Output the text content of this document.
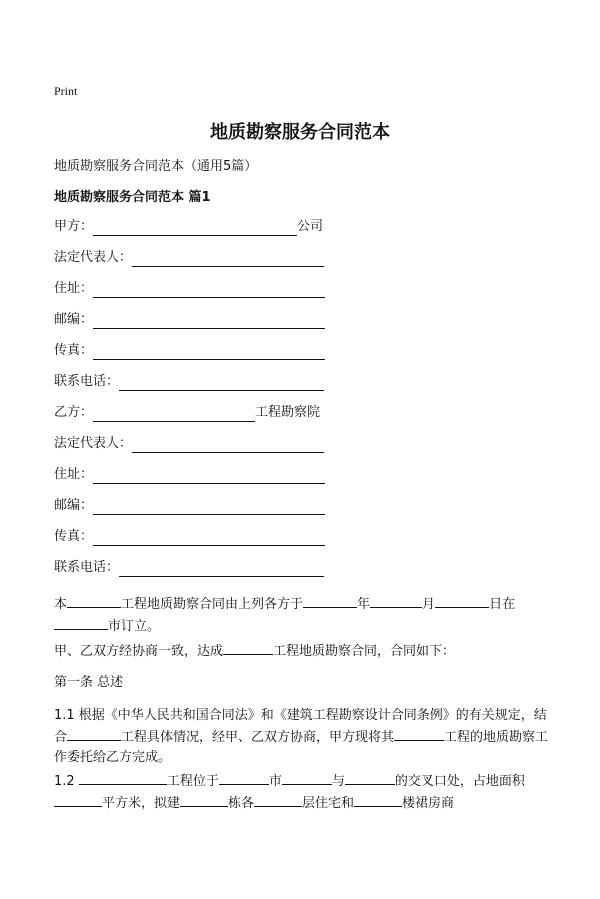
Print
地质勘察服务合同范本
地质勘察服务合同范本（通用5篇）
地质勘察服务合同范本 篇1
甲方：	公司
法定代表人：
住址：
邮编：
传真：
联系电话：
乙方：	工程勘察院
法定代表人：
住址：
邮编：
传真：
联系电话：
本	工程地质勘察合同由上列各方于	年	月	日在市订立。
甲、乙双方经协商一致，达成	工程地质勘察合同，合同如下：
第一条 总述
1.1 根据《中华人民共和国合同法》和《建筑工程勘察设计合同条例》的有关规定，结合	工程具体情况，经甲、乙双方协商，甲方现将其	工程的地质勘察工作委托给乙方完成。
1.2	工程位于	市	与	的交叉口处，占地面积平方米，拟建	栋各	层住宅和	楼裙房商
